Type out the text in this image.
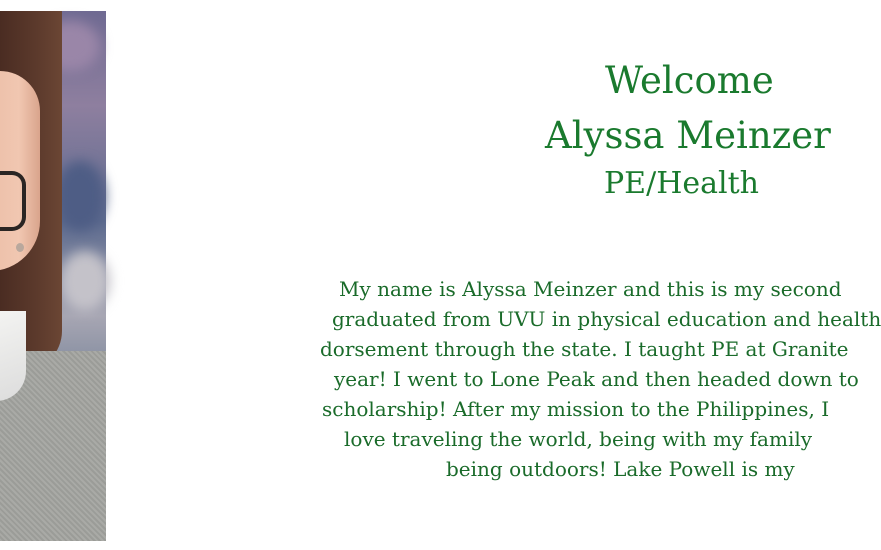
Welcome
Alyssa Meinzer
PE/Health
My name is Alyssa Meinzer and this is my second
graduated from UVU in physical education and health
dorsement through the state. I taught PE at Granite
year! I went to Lone Peak and then headed down to
scholarship! After my mission to the Philippines, I
love traveling the world, being with my family
being outdoors! Lake Powell is my
